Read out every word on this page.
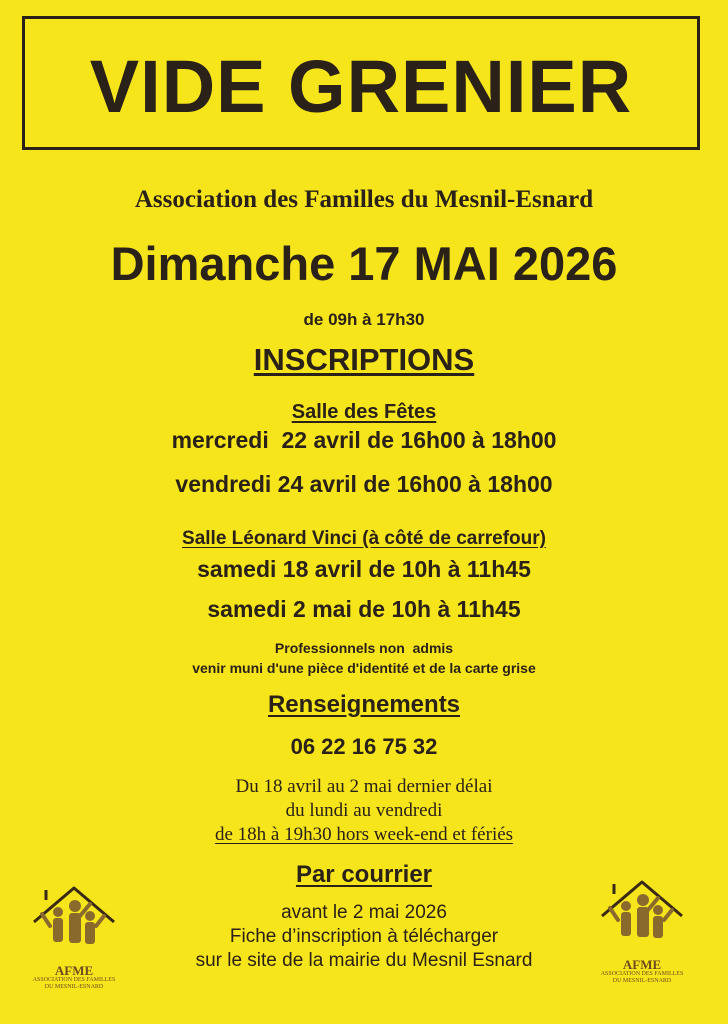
VIDE GRENIER
Association des Familles du Mesnil-Esnard
Dimanche 17 MAI 2026
de 09h à 17h30
INSCRIPTIONS
Salle des Fêtes
mercredi  22 avril de 16h00 à 18h00
vendredi 24 avril de 16h00 à 18h00
Salle Léonard Vinci (à côté de carrefour)
samedi 18 avril de 10h à 11h45
samedi 2 mai de 10h à 11h45
Professionnels non  admis
venir muni d'une pièce d'identité et de la carte grise
Renseignements
06 22 16 75 32
Du 18 avril au 2 mai dernier délai
du lundi au vendredi
de 18h à 19h30 hors week-end et fériés
Par courrier
avant le 2 mai 2026
Fiche d’inscription à télécharger
sur le site de la mairie du Mesnil Esnard
AFME
ASSOCIATION DES FAMILLES
DU MESNIL-ESNARD
AFME
ASSOCIATION DES FAMILLES
DU MESNIL-ESNARD
